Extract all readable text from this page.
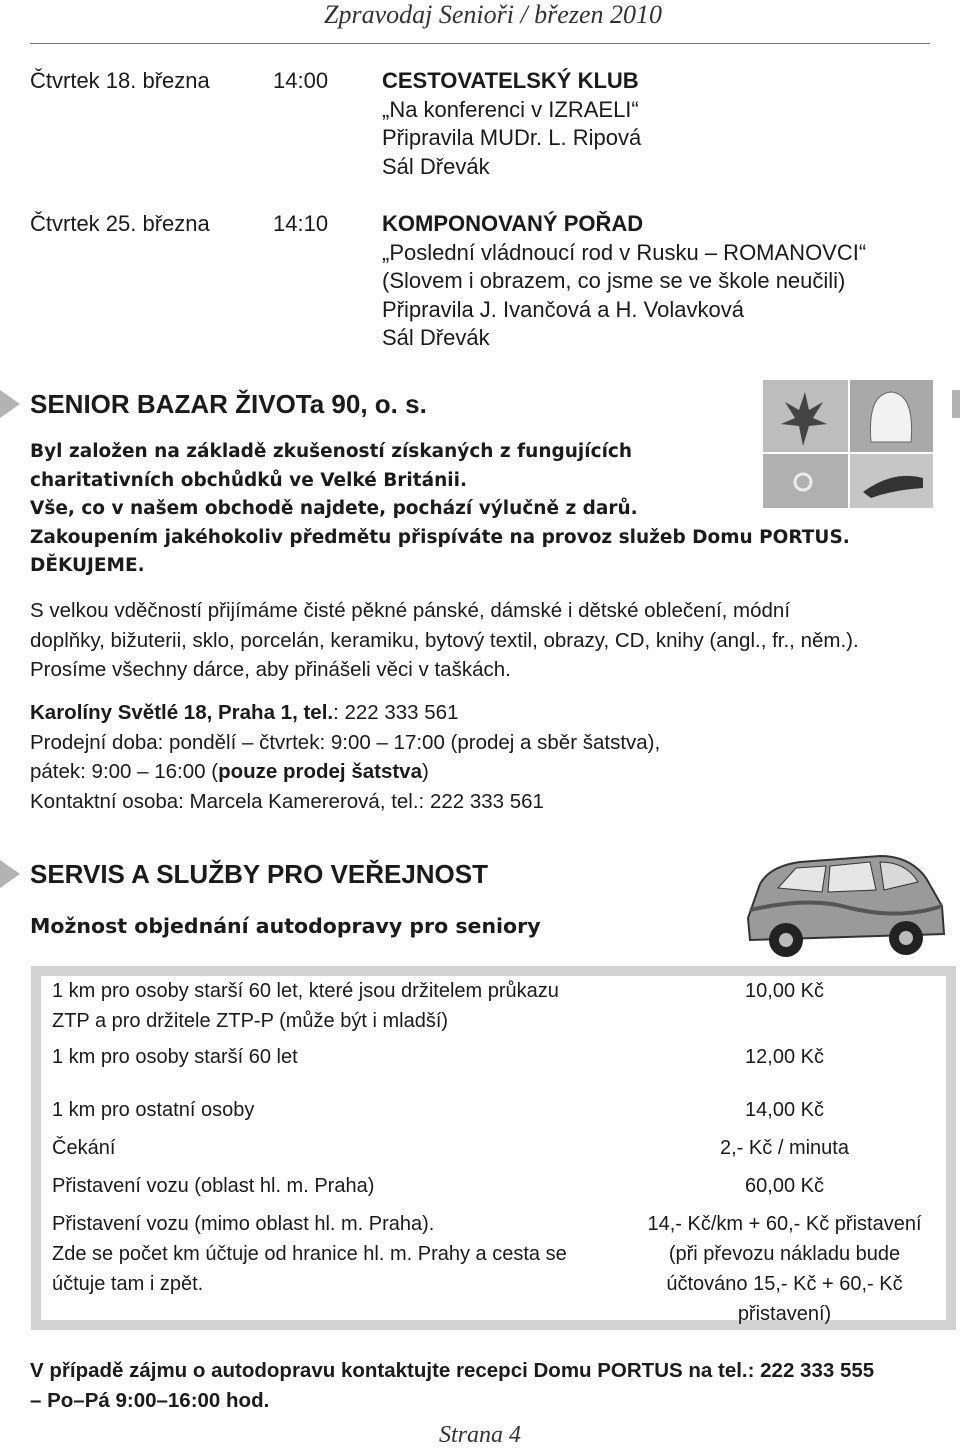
Zpravodaj Senioři / březen 2010
Čtvrtek 18. března	14:00 CESTOVATELSKÝ KLUB
„Na konferenci v IZRAELI“
Připravila MUDr. L. Ripová
Sál Dřevák
Čtvrtek 25. března	14:10 KOMPONOVANÝ POŘAD
„Poslední vládnoucí rod v Rusku – ROMANOVCI“
(Slovem i obrazem, co jsme se ve škole neučili)
Připravila J. Ivančová a H. Volavková
Sál Dřevák
SENIOR BAZAR ŽIVOTa 90, o. s.
Byl založen na základě zkušeností získaných z fungujících
charitativních obchůdků ve Velké Británii.
Vše, co v našem obchodě najdete, pochází výlučně z darů.
Zakoupením jakéhokoliv předmětu přispíváte na provoz služeb Domu PORTUS.
DĚKUJEME.
S velkou vděčností přijímáme čisté pěkné pánské, dámské i dětské oblečení, módní
doplňky, bižuterii, sklo, porcelán, keramiku, bytový textil, obrazy, CD, knihy (angl., fr., něm.).
Prosíme všechny dárce, aby přinášeli věci v taškách.
Karolíny Světlé 18, Praha 1, tel.: 222 333 561
Prodejní doba: pondělí – čtvrtek: 9:00 – 17:00 (prodej a sběr šatstva),
pátek: 9:00 – 16:00 (pouze prodej šatstva)
Kontaktní osoba: Marcela Kamererová, tel.: 222 333 561
SERVIS A SLUŽBY PRO VEŘEJNOST
Možnost objednání autodopravy pro seniory
1 km pro osoby starší 60 let, které jsou držitelem průkazu
ZTP a pro držitele ZTP-P (může být i mladší)
10,00 Kč
1 km pro osoby starší 60 let	12,00 Kč
1 km pro ostatní osoby	14,00 Kč
Čekání	2,- Kč / minuta
Přistavení vozu (oblast hl. m. Praha)	60,00 Kč
Přistavení vozu (mimo oblast hl. m. Praha).
Zde se počet km účtuje od hranice hl. m. Prahy a cesta se
účtuje tam i zpět.
14,- Kč/km + 60,- Kč přistavení
(při převozu nákladu bude
účtováno 15,- Kč + 60,- Kč
přistavení)
V případě zájmu o autodopravu kontaktujte recepci Domu PORTUS na tel.: 222 333 555
– Po–Pá 9:00–16:00 hod.
Strana 4
